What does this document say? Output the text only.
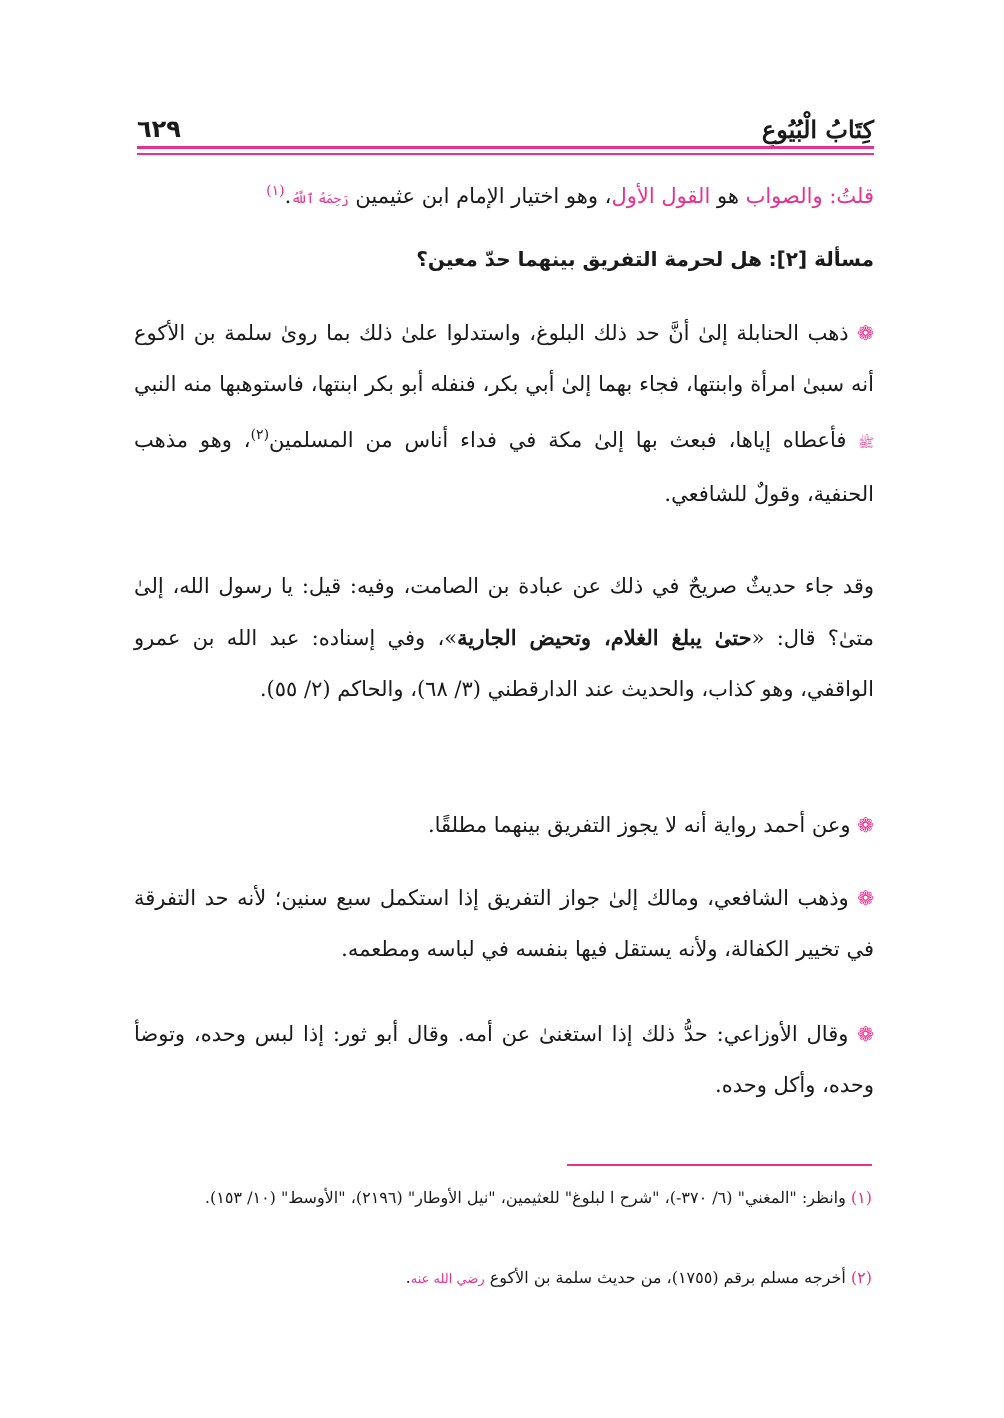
كِتَابُ الْبُيُوعِ
٦٢٩
قلتُ: والصواب هو القول الأول، وهو اختيار الإمام ابن عثيمين رَحِمَهُ ٱللَّهُ.$^{(١)}$
مسألة [٢]: هل لحرمة التفريق بينهما حدّ معين؟
❁ ذهب الحنابلة إلىٰ أنَّ حد ذلك البلوغ، واستدلوا علىٰ ذلك بما روىٰ سلمة بن الأكوع أنه سبىٰ امرأة وابنتها، فجاء بهما إلىٰ أبي بكر، فنفله أبو بكر ابنتها، فاستوهبها منه النبي ﷺ فأعطاه إياها، فبعث بها إلىٰ مكة في فداء أناس من المسلمين$^{(٢)}$، وهو مذهب الحنفية، وقولٌ للشافعي.
وقد جاء حديثٌ صريحٌ في ذلك عن عبادة بن الصامت، وفيه: قيل: يا رسول الله، إلىٰ متىٰ؟ قال: «حتىٰ يبلغ الغلام، وتحيض الجارية»، وفي إسناده: عبد الله بن عمرو الواقفي، وهو كذاب، والحديث عند الدارقطني (٣/ ٦٨)، والحاكم (٢/ ٥٥).
❁ وعن أحمد رواية أنه لا يجوز التفريق بينهما مطلقًا.
❁ وذهب الشافعي، ومالك إلىٰ جواز التفريق إذا استكمل سبع سنين؛ لأنه حد التفرقة في تخيير الكفالة، ولأنه يستقل فيها بنفسه في لباسه ومطعمه.
❁ وقال الأوزاعي: حدُّ ذلك إذا استغنىٰ عن أمه. وقال أبو ثور: إذا لبس وحده، وتوضأ وحده، وأكل وحده.
(١) وانظر: "المغني" (٦/ ٣٧٠-)، "شرح ا لبلوغ" للعثيمين، "نيل الأوطار" (٢١٩٦)، "الأوسط" (١٠/ ١٥٣).
(٢) أخرجه مسلم برقم (١٧٥٥)، من حديث سلمة بن الأكوع رضي الله عنه.
